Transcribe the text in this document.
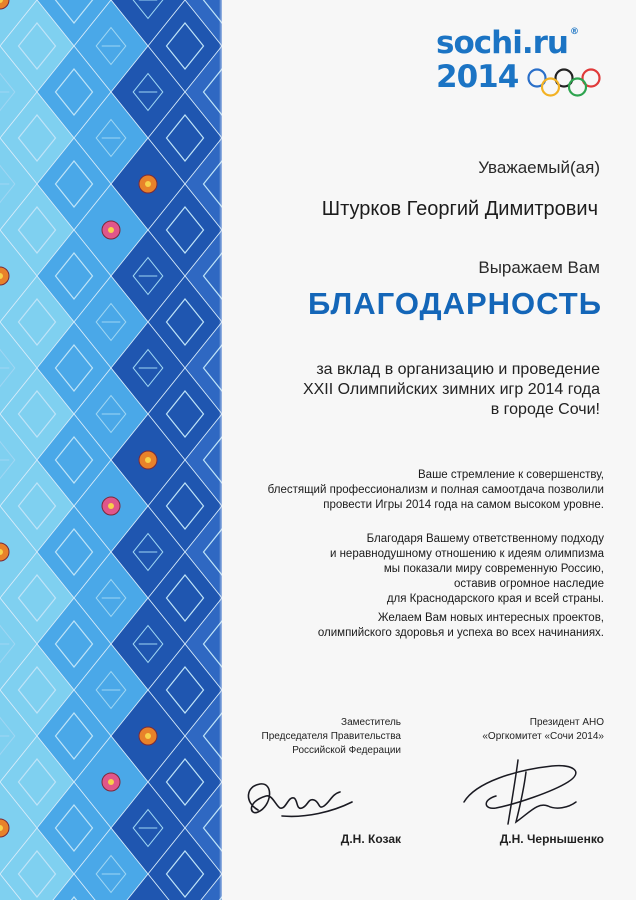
sochi.ru ®
2014
Уважаемый(ая)
Штурков Георгий Димитрович
Выражаем Вам
БЛАГОДАРНОСТЬ
за вклад в организацию и проведение
XXII Олимпийских зимних игр 2014 года
в городе Сочи!
Ваше стремление к совершенству,
блестящий профессионализм и полная самоотдача позволили
провести Игры 2014 года на самом высоком уровне.
Благодаря Вашему ответственному подходу
и неравнодушному отношению к идеям олимпизма
мы показали миру современную Россию,
оставив огромное наследие
для Краснодарского края и всей страны.
Желаем Вам новых интересных проектов,
олимпийского здоровья и успеха во всех начинаниях.
Заместитель
Председателя Правительства
Российской Федерации
Президент АНО
«Оргкомитет «Сочи 2014»
Д.Н. Козак	Д.Н. Чернышенко
